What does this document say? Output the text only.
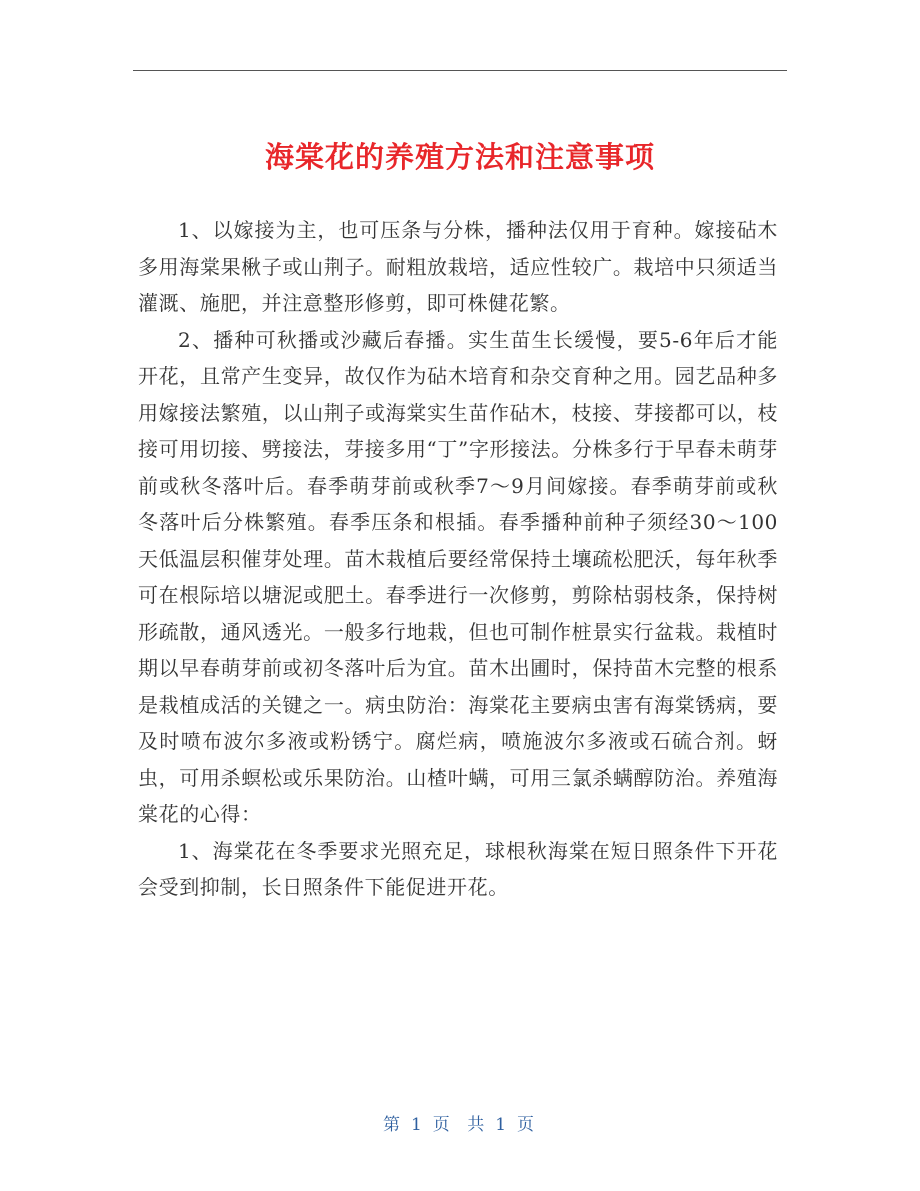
海棠花的养殖方法和注意事项

1、以嫁接为主，也可压条与分株，播种法仅用于育种。嫁接砧木多用海棠果楸子或山荆子。耐粗放栽培，适应性较广。栽培中只须适当灌溉、施肥，并注意整形修剪，即可株健花繁。

2、播种可秋播或沙藏后春播。实生苗生长缓慢，要5-6年后才能开花，且常产生变异，故仅作为砧木培育和杂交育种之用。园艺品种多用嫁接法繁殖，以山荆子或海棠实生苗作砧木，枝接、芽接都可以，枝接可用切接、劈接法，芽接多用“丁”字形接法。分株多行于早春未萌芽前或秋冬落叶后。春季萌芽前或秋季7～9月间嫁接。春季萌芽前或秋冬落叶后分株繁殖。春季压条和根插。春季播种前种子须经30～100天低温层积催芽处理。苗木栽植后要经常保持土壤疏松肥沃，每年秋季可在根际培以塘泥或肥土。春季进行一次修剪，剪除枯弱枝条，保持树形疏散，通风透光。一般多行地栽，但也可制作桩景实行盆栽。栽植时期以早春萌芽前或初冬落叶后为宜。苗木出圃时，保持苗木完整的根系是栽植成活的关键之一。病虫防治：海棠花主要病虫害有海棠锈病，要及时喷布波尔多液或粉锈宁。腐烂病，喷施波尔多液或石硫合剂。蚜虫，可用杀螟松或乐果防治。山楂叶螨，可用三氯杀螨醇防治。养殖海棠花的心得：

1、海棠花在冬季要求光照充足，球根秋海棠在短日照条件下开花会受到抑制，长日照条件下能促进开花。

第 1 页 共 1 页
